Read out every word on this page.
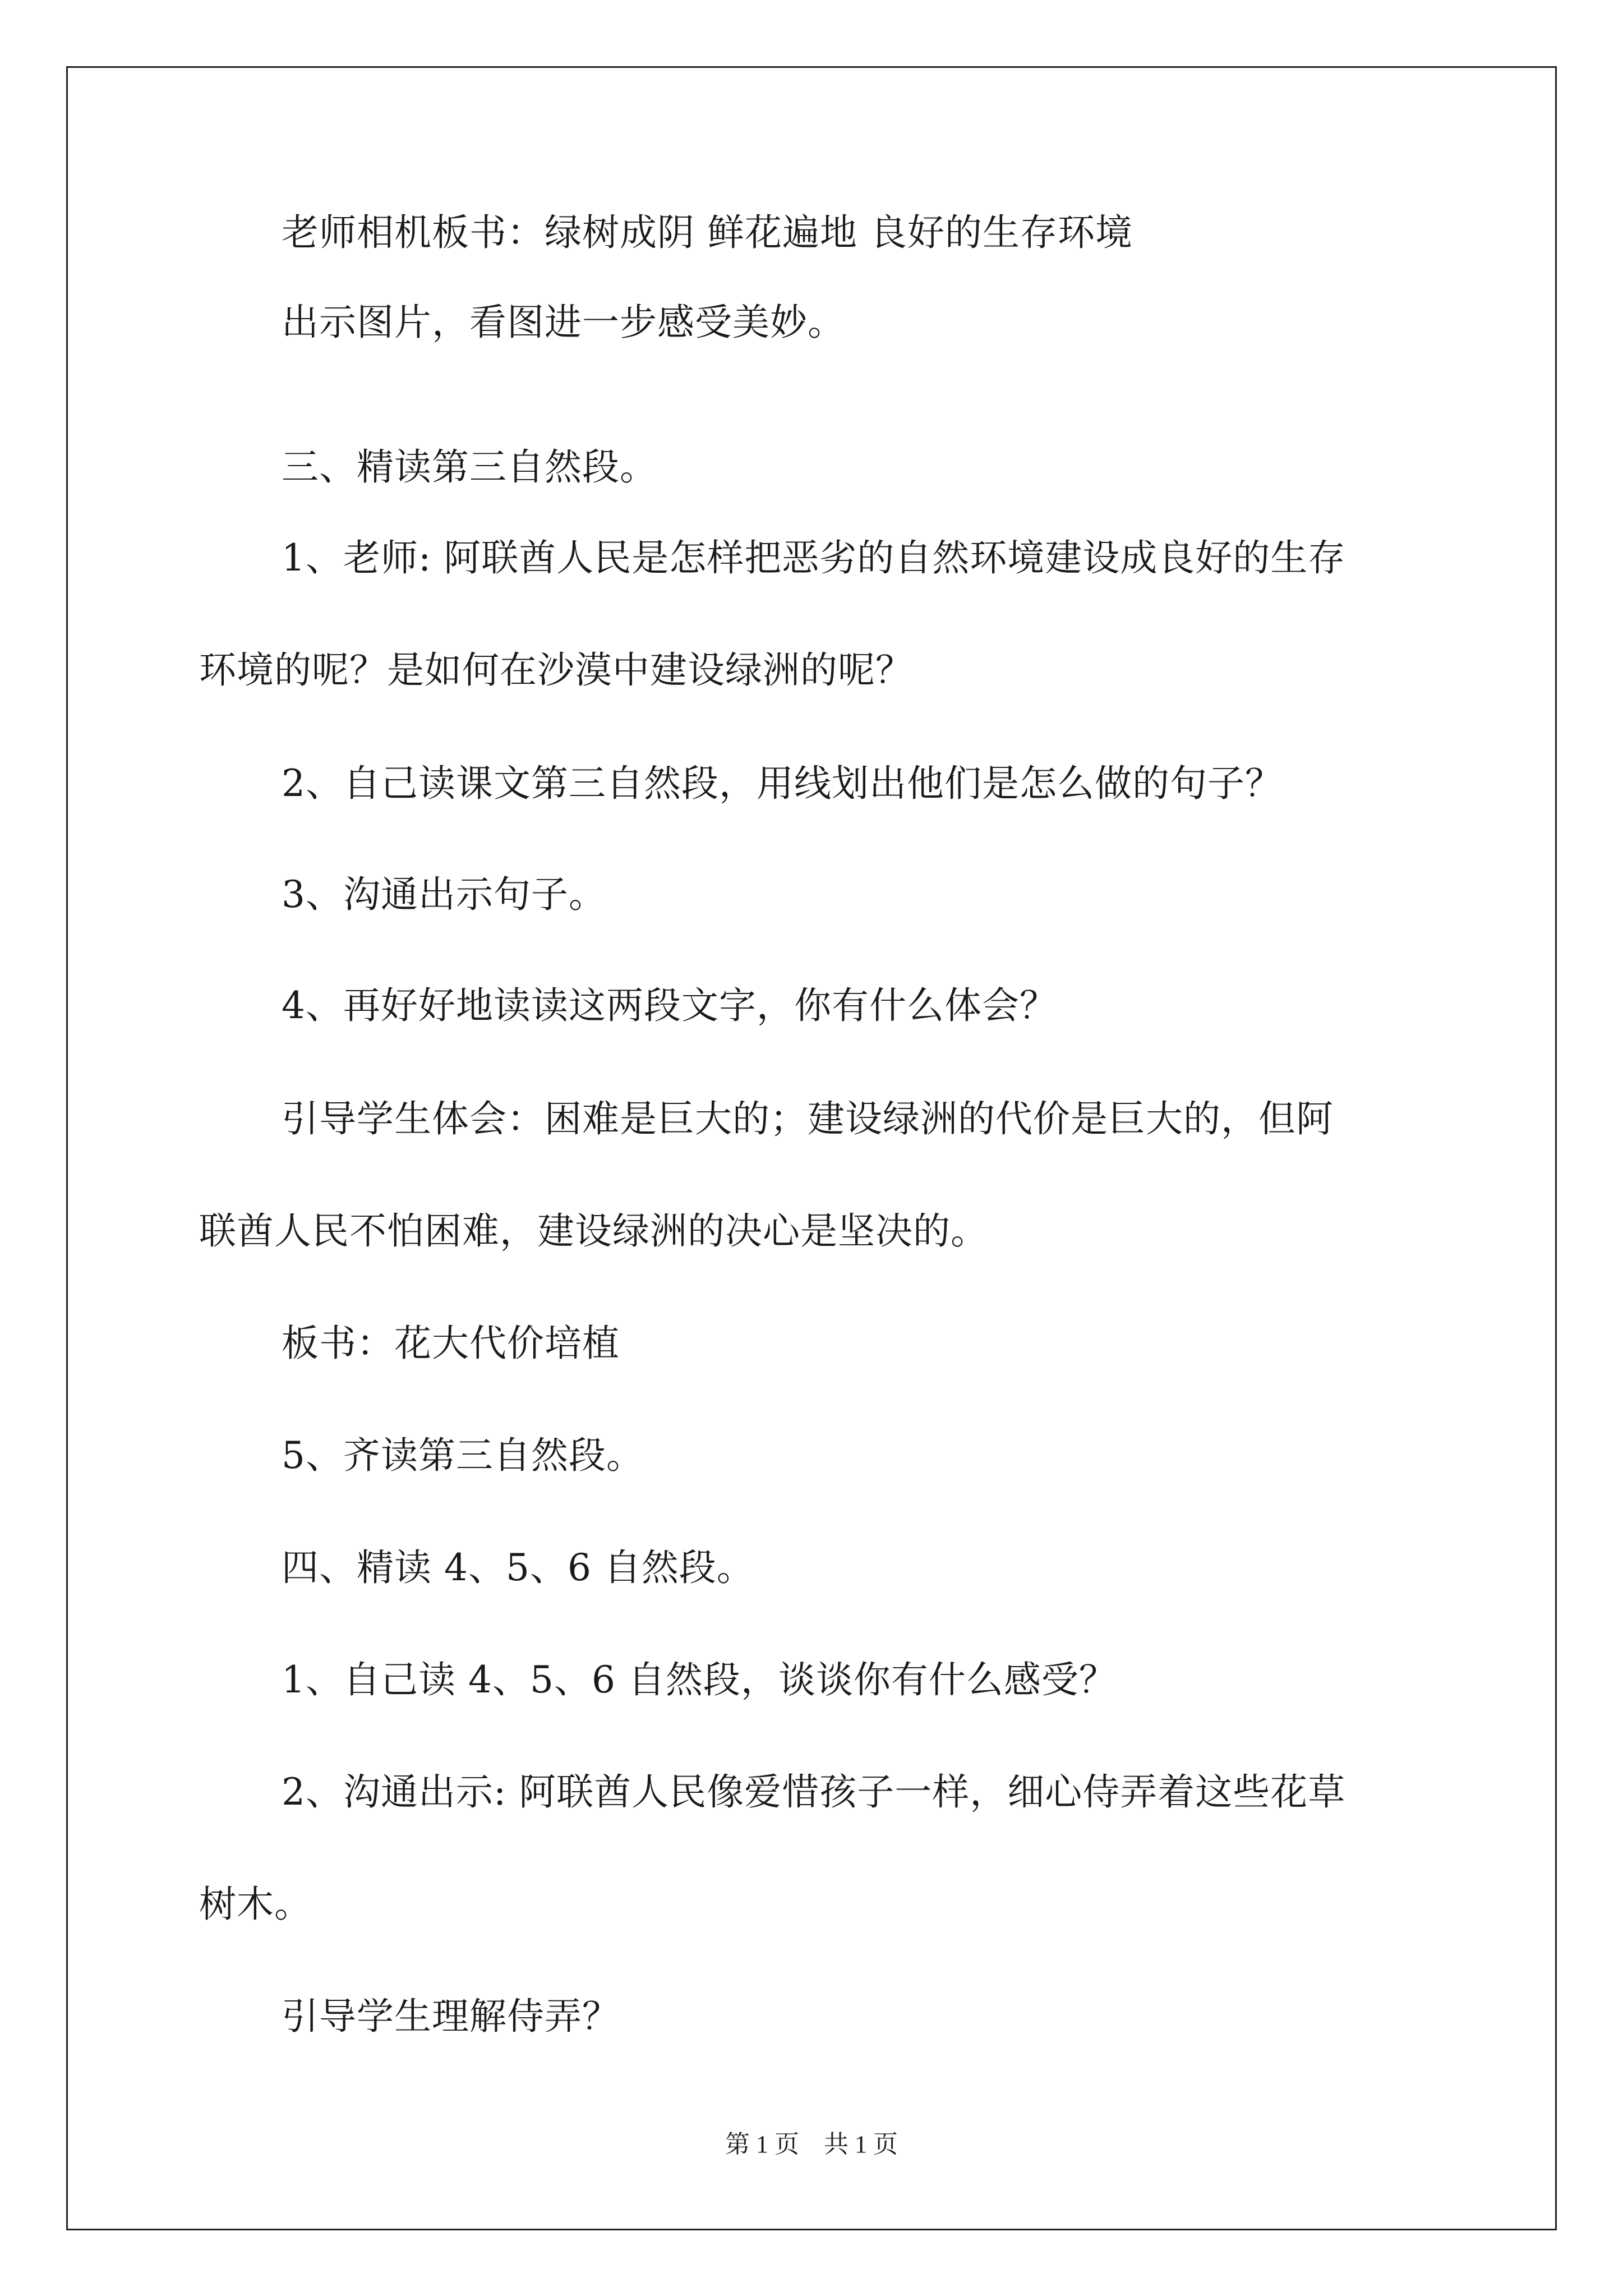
老师相机板书：绿树成阴 鲜花遍地 良好的生存环境

出示图片，看图进一步感受美妙。

三、精读第三自然段。

1、老师: 阿联酋人民是怎样把恶劣的自然环境建设成良好的生存

环境的呢？是如何在沙漠中建设绿洲的呢？

2、自己读课文第三自然段，用线划出他们是怎么做的句子？

3、沟通出示句子。

4、再好好地读读这两段文字，你有什么体会？

引导学生体会：困难是巨大的；建设绿洲的代价是巨大的，但阿

联酋人民不怕困难，建设绿洲的决心是坚决的。

板书：花大代价培植

5、齐读第三自然段。

四、精读 4、5、6 自然段。

1、自己读 4、5、6 自然段，谈谈你有什么感受？

2、沟通出示: 阿联酋人民像爱惜孩子一样，细心侍弄着这些花草

树木。

引导学生理解侍弄？

第 1 页　共 1 页
